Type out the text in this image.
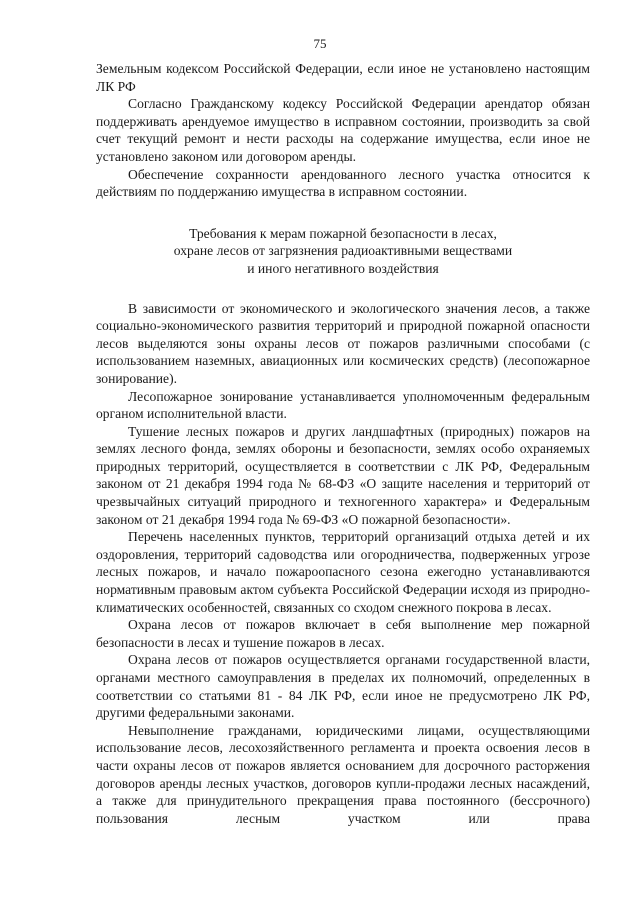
75

Земельным кодексом Российской Федерации, если иное не установлено настоящим ЛК РФ

Согласно Гражданскому кодексу Российской Федерации арендатор обязан поддерживать арендуемое имущество в исправном состоянии, производить за свой счет текущий ремонт и нести расходы на содержание имущества, если иное не установлено законом или договором аренды.

Обеспечение сохранности арендованного лесного участка относится к действиям по поддержанию имущества в исправном состоянии.

Требования к мерам пожарной безопасности в лесах,
охране лесов от загрязнения радиоактивными веществами
и иного негативного воздействия

В зависимости от экономического и экологического значения лесов, а также социально-экономического развития территорий и природной пожарной опасности лесов выделяются зоны охраны лесов от пожаров различными способами (с использованием наземных, авиационных или космических средств) (лесопожарное зонирование).

Лесопожарное зонирование устанавливается уполномоченным федеральным органом исполнительной власти.

Тушение лесных пожаров и других ландшафтных (природных) пожаров на землях лесного фонда, землях обороны и безопасности, землях особо охраняемых природных территорий, осуществляется в соответствии с ЛК РФ, Федеральным законом от 21 декабря 1994 года № 68-ФЗ «О защите населения и территорий от чрезвычайных ситуаций природного и техногенного характера» и Федеральным законом от 21 декабря 1994 года № 69-ФЗ «О пожарной безопасности».

Перечень населенных пунктов, территорий организаций отдыха детей и их оздоровления, территорий садоводства или огородничества, подверженных угрозе лесных пожаров, и начало пожароопасного сезона ежегодно устанавливаются нормативным правовым актом субъекта Российской Федерации исходя из природно-климатических особенностей, связанных со сходом снежного покрова в лесах.

Охрана лесов от пожаров включает в себя выполнение мер пожарной безопасности в лесах и тушение пожаров в лесах.

Охрана лесов от пожаров осуществляется органами государственной власти, органами местного самоуправления в пределах их полномочий, определенных в соответствии со статьями 81 - 84 ЛК РФ, если иное не предусмотрено ЛК РФ, другими федеральными законами.

Невыполнение гражданами, юридическими лицами, осуществляющими использование лесов, лесохозяйственного регламента и проекта освоения лесов в части охраны лесов от пожаров является основанием для досрочного расторжения договоров аренды лесных участков, договоров купли-продажи лесных насаждений, а также для принудительного прекращения права постоянного (бессрочного) пользования лесным участком или права
